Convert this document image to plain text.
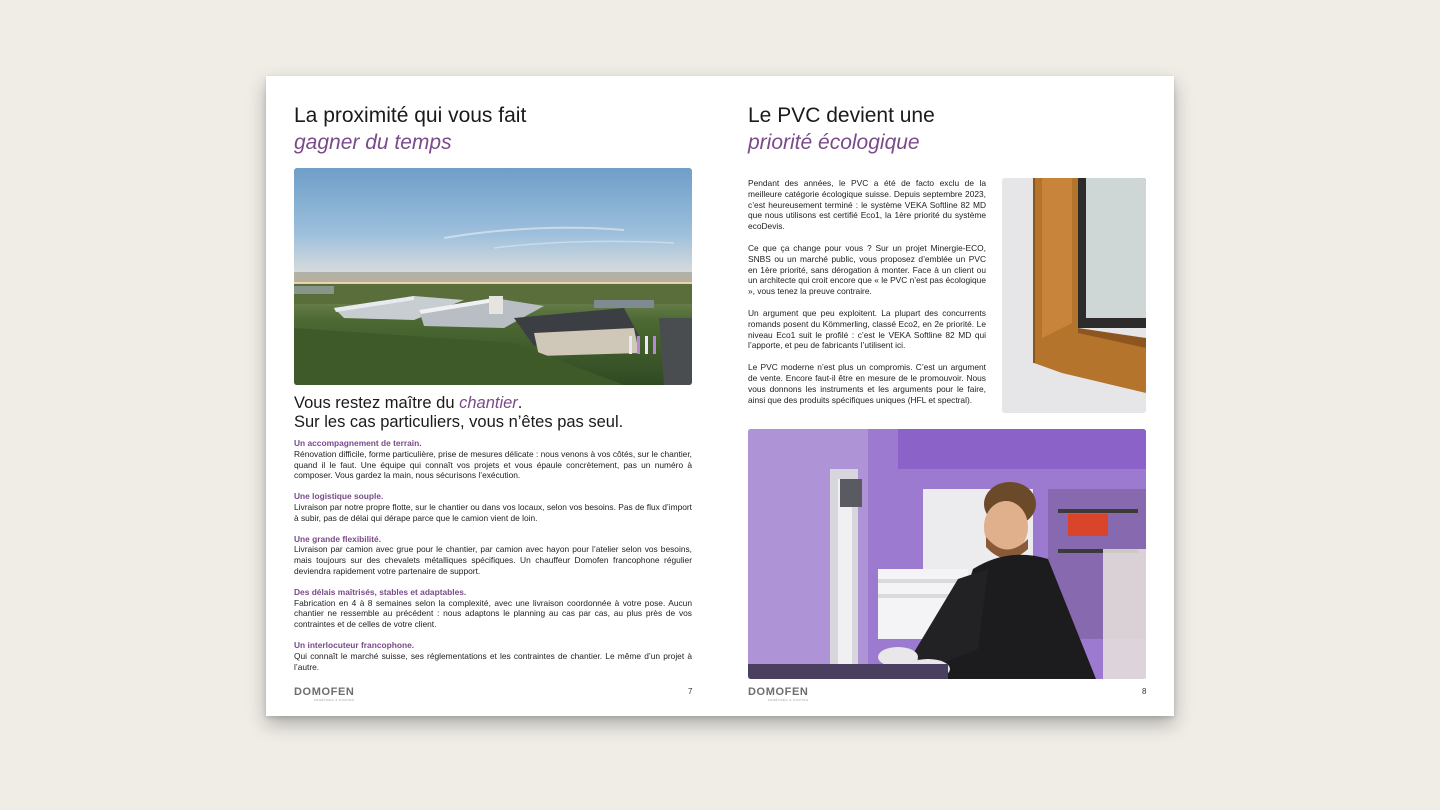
La proximité qui vous fait
gagner du temps
Vous restez maître du chantier.
Sur les cas particuliers, vous n’êtes pas seul.
Un accompagnement de terrain.
Rénovation difficile, forme particulière, prise de mesures délicate : nous venons à vos côtés, sur le chantier, quand il le faut. Une équipe qui connaît vos projets et vous épaule concrètement, pas un numéro à composer. Vous gardez la main, nous sécurisons l’exécution.
Une logistique souple.
Livraison par notre propre flotte, sur le chantier ou dans vos locaux, selon vos besoins. Pas de flux d’import à subir, pas de délai qui dérape parce que le camion vient de loin.
Une grande flexibilité.
Livraison par camion avec grue pour le chantier, par camion avec hayon pour l’atelier selon vos besoins, mais toujours sur des chevalets métalliques spécifiques. Un chauffeur Domofen francophone régulier deviendra rapidement votre partenaire de support.
Des délais maîtrisés, stables et adaptables.
Fabrication en 4 à 8 semaines selon la complexité, avec une livraison coordonnée à votre pose. Aucun chantier ne ressemble au précédent : nous adaptons le planning au cas par cas, au plus près de vos contraintes et de celles de votre client.
Un interlocuteur francophone.
Qui connaît le marché suisse, ses réglementations et les contraintes de chantier. Le même d’un projet à l’autre.
DOMOFEN
FENÊTRES & PORTES
7
Le PVC devient une
priorité écologique

Pendant des années, le PVC a été de facto exclu de la meilleure catégorie écologique suisse. Depuis septembre 2023, c’est heureusement terminé : le système VEKA Softline 82 MD que nous utilisons est certifié Eco1, la 1ère priorité du système ecoDevis.

Ce que ça change pour vous ? Sur un projet Minergie-ECO, SNBS ou un marché public, vous proposez d’emblée un PVC en 1ère priorité, sans dérogation à monter. Face à un client ou un architecte qui croit encore que « le PVC n’est pas écologique », vous tenez la preuve contraire.

Un argument que peu exploitent. La plupart des concurrents romands posent du Kömmerling, classé Eco2, en 2e priorité. Le niveau Eco1 suit le profilé : c’est le VEKA Softline 82 MD qui l’apporte, et peu de fabricants l’utilisent ici.

Le PVC moderne n’est plus un compromis. C’est un argument de vente. Encore faut-il être en mesure de le promouvoir. Nous vous donnons les instruments et les arguments pour le faire, ainsi que des produits spécifiques uniques (HFL et spectral).

DOMOFEN
FENÊTRES & PORTES
8
